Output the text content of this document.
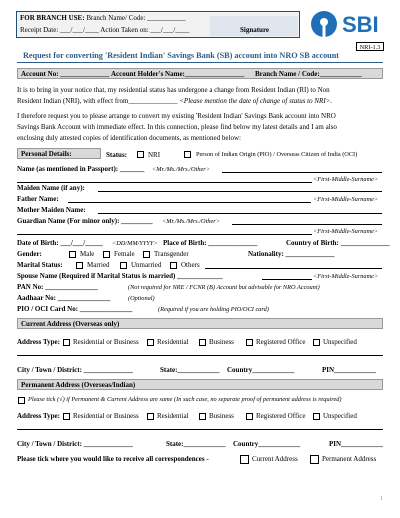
FOR BRANCH USE: Branch Name/ Code: ___________
Receipt Date: ___/___/____ Action Taken on: ___/___/____	Signature	SBI
NRI-1.3
Request for converting 'Resident Indian' Savings Bank (SB) account into NRO SB account
Account No: ______________ Account Holder's Name:_________________ Branch Name / Code:____________
It is to bring in your notice that, my residential status has undergone a change from Resident Indian (RI) to Non
Resident Indian (NRI), with effect from______________ <Please mention the date of change of status to NRI>.
I therefore request you to please arrange to convert my existing 'Resident Indian' Savings Bank account into NRO
Savings Bank Account with immediate effect. In this connection, please find below my latest details and I am also
enclosing duly attested copies of identification documents, as mentioned below:
Personal Details:	Status:	NRI	Person of Indian Origin (PIO) / Overseas Citizen of India (OCI)
Name (as mentioned in Passport): _______ <Mr./Ms./Mrs./Other>
<First-Middle-Surname>
Maiden Name (if any):
Father Name:	<First-Middle-Surname>
Mother Maiden Name:
Guardian Name (For minor only): _________ <Mr./Ms./Mrs./Other>
<First-Middle-Surname>
Date of Birth: ___/___/_____ <DD/MM/YYYY> Place of Birth: ______________	Country of Birth: ______________
Gender:	Male	Female	Transgender	Nationality: ______________
Marital Status:	Married	Unmarried	Others
Spouse Name (Required if Marital Status is married) _____________	<First-Middle-Surname>
PAN No: _______________	(Not required for NRE / FCNR (B) Account but advisable for NRO Account)
Aadhaar No: _______________	(Optional)
PIO / OCI Card No: _______________	(Required if you are holding PIO/OCI card)
Current Address (Overseas only)
Address Type: Residential or Business	Residential	Business	Registered Office	Unspecified
City / Town / District: ______________	State:____________ Country____________	PIN____________
Permanent Address (Overseas/Indian)
Please tick (√) if Permanent & Current Address are same (In such case, no separate proof of permanent address is required)
Address Type: Residential or Business	Residential	Business	Registered Office	Unspecified
City / Town / District: ______________	State:____________ Country____________	PIN____________
Please tick where you would like to receive all correspondences -	Current Address	Permanent Address
1
